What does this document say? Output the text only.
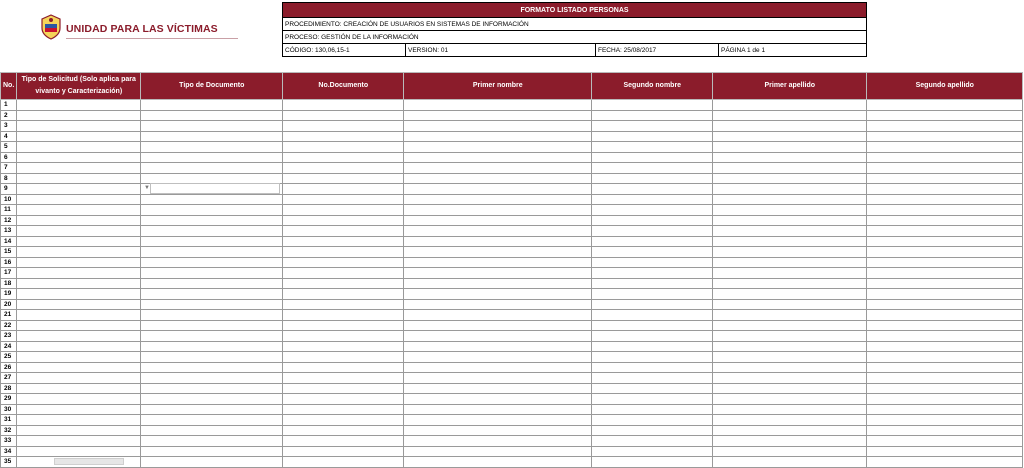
UNIDAD PARA LAS VÍCTIMAS
FORMATO LISTADO PERSONAS
PROCEDIMIENTO: CREACIÓN DE USUARIOS EN SISTEMAS DE INFORMACIÓN
PROCESO: GESTIÓN DE LA INFORMACIÓN
CÓDIGO: 130,06,15-1	VERSION: 01	FECHA: 25/08/2017	PÁGINA 1 de 1
No.	Tipo de Solicitud (Solo aplica para vivanto y Caracterización)	Tipo de Documento	No.Documento	Primer nombre	Segundo nombre	Primer apellido	Segundo apellido
1							
2							
3							
4							
5							
6							
7							
8							
9							
10							
11							
12							
13							
14							
15							
16							
17							
18							
19							
20							
21							
22							
23							
24							
25							
26							
27							
28							
29							
30							
31							
32							
33							
34							
35							
▼
